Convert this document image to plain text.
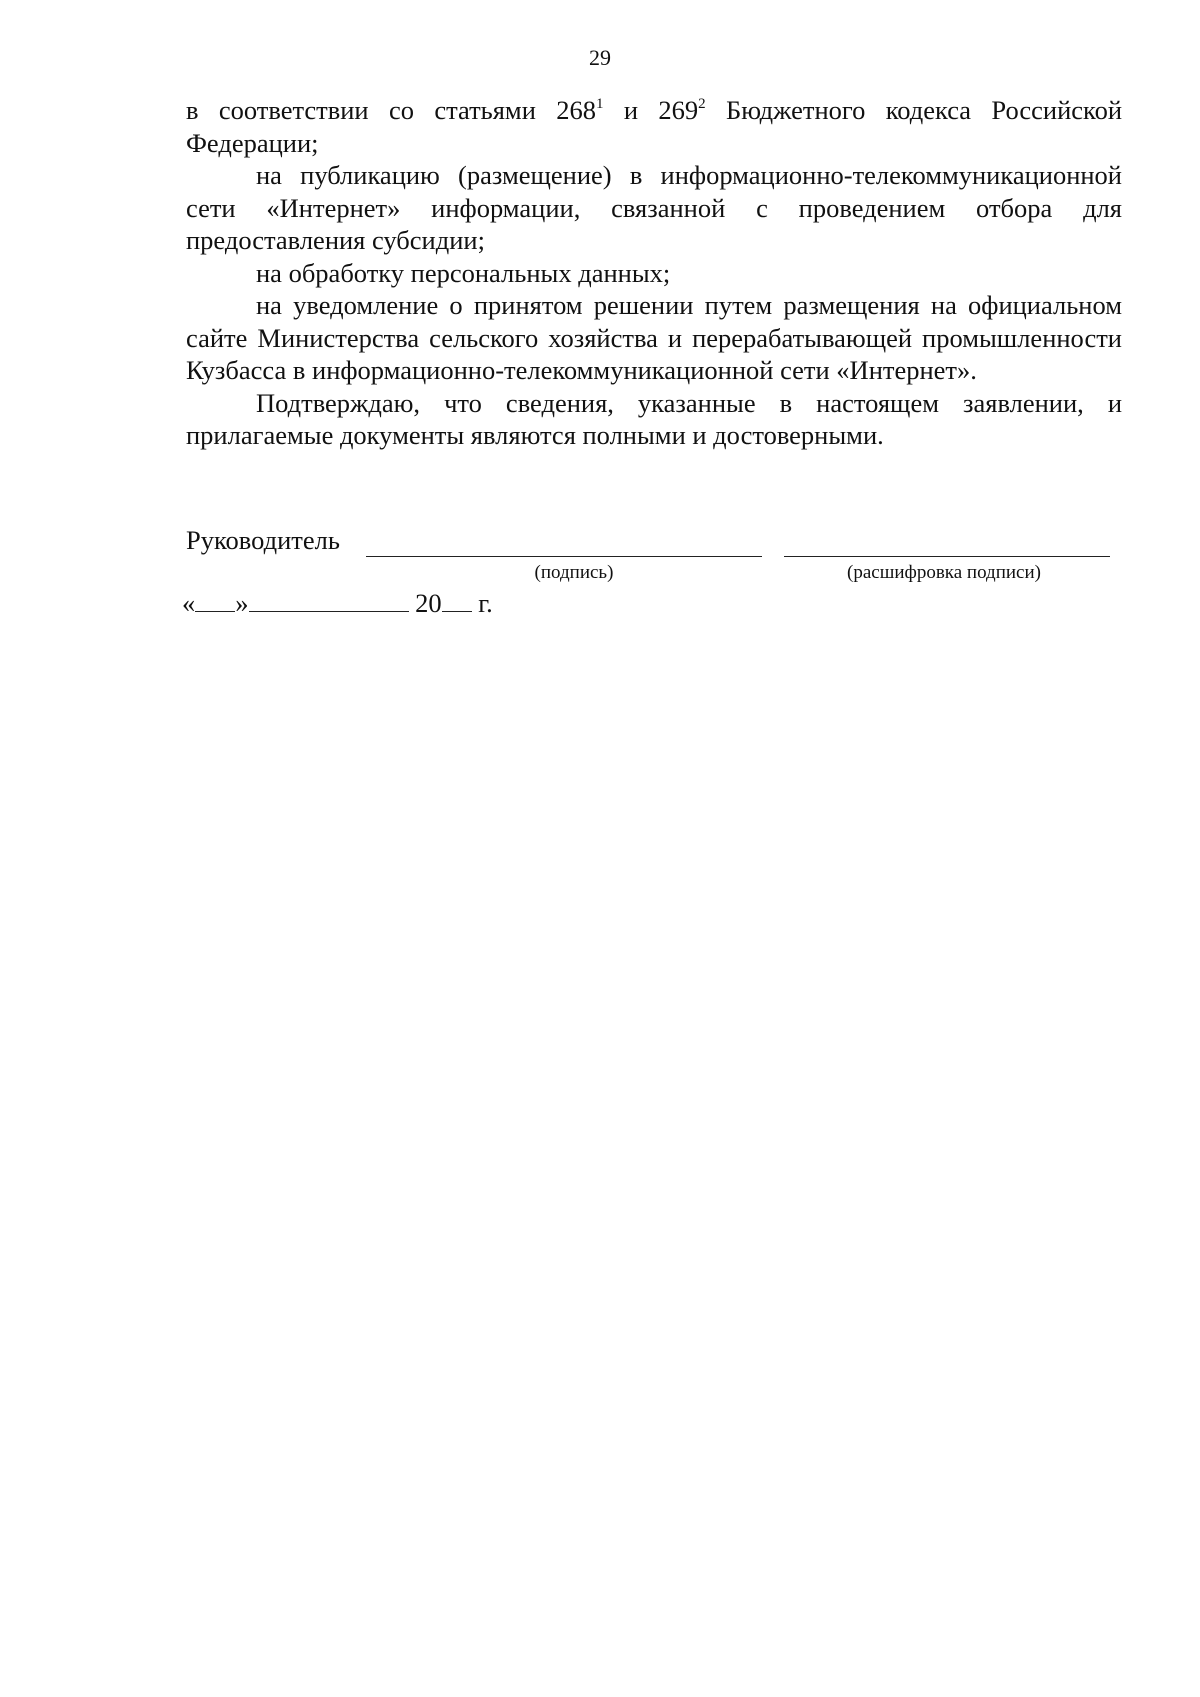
29

в соответствии со статьями $268^1$ и $269^2$ Бюджетного кодекса Российской Федерации;

на публикацию (размещение) в информационно-телекоммуникационной сети «Интернет» информации, связанной с проведением отбора для предоставления субсидии;

на обработку персональных данных;

на уведомление о принятом решении путем размещения на официальном сайте Министерства сельского хозяйства и перерабатывающей промышленности Кузбасса в информационно-телекоммуникационной сети «Интернет».

Подтверждаю, что сведения, указанные в настоящем заявлении, и прилагаемые документы являются полными и достоверными.

Руководитель
(подпись)	(расшифровка подписи)
« »	20 г.
